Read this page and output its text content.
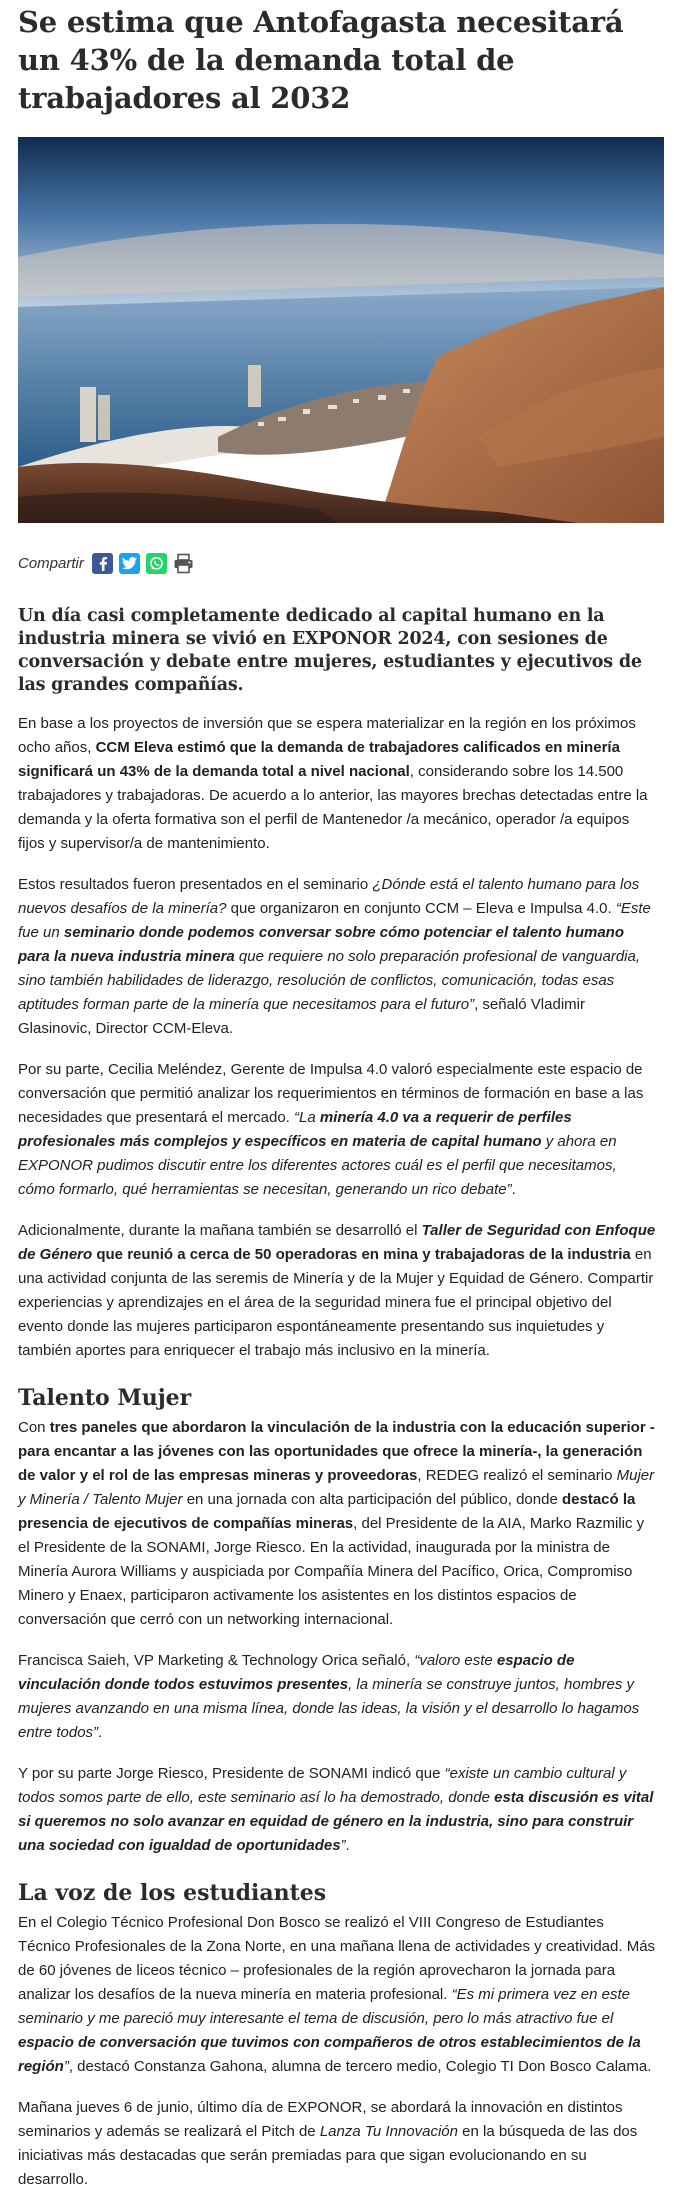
Se estima que Antofagasta necesitará un 43% de la demanda total de trabajadores al 2032
Compartir
Un día casi completamente dedicado al capital humano en la industria minera se vivió en EXPONOR 2024, con sesiones de conversación y debate entre mujeres, estudiantes y ejecutivos de las grandes compañías.

En base a los proyectos de inversión que se espera materializar en la región en los próximos ocho años, CCM Eleva estimó que la demanda de trabajadores calificados en minería significará un 43% de la demanda total a nivel nacional, considerando sobre los 14.500 trabajadores y trabajadoras. De acuerdo a lo anterior, las mayores brechas detectadas entre la demanda y la oferta formativa son el perfil de Mantenedor /a mecánico, operador /a equipos fijos y supervisor/a de mantenimiento.

Estos resultados fueron presentados en el seminario ¿Dónde está el talento humano para los nuevos desafíos de la minería? que organizaron en conjunto CCM – Eleva e Impulsa 4.0. “Este fue un seminario donde podemos conversar sobre cómo potenciar el talento humano para la nueva industria minera que requiere no solo preparación profesional de vanguardia, sino también habilidades de liderazgo, resolución de conflictos, comunicación, todas esas aptitudes forman parte de la minería que necesitamos para el futuro”, señaló Vladimir Glasinovic, Director CCM-Eleva.

Por su parte, Cecilia Meléndez, Gerente de Impulsa 4.0 valoró especialmente este espacio de conversación que permitió analizar los requerimientos en términos de formación en base a las necesidades que presentará el mercado. “La minería 4.0 va a requerir de perfiles profesionales más complejos y específicos en materia de capital humano y ahora en EXPONOR pudimos discutir entre los diferentes actores cuál es el perfil que necesitamos, cómo formarlo, qué herramientas se necesitan, generando un rico debate”.

Adicionalmente, durante la mañana también se desarrolló el Taller de Seguridad con Enfoque de Género que reunió a cerca de 50 operadoras en mina y trabajadoras de la industria en una actividad conjunta de las seremis de Minería y de la Mujer y Equidad de Género. Compartir experiencias y aprendizajes en el área de la seguridad minera fue el principal objetivo del evento donde las mujeres participaron espontáneamente presentando sus inquietudes y también aportes para enriquecer el trabajo más inclusivo en la minería.

Talento Mujer

Con tres paneles que abordaron la vinculación de la industria con la educación superior - para encantar a las jóvenes con las oportunidades que ofrece la minería-, la generación de valor y el rol de las empresas mineras y proveedoras, REDEG realizó el seminario Mujer y Minería / Talento Mujer en una jornada con alta participación del público, donde destacó la presencia de ejecutivos de compañías mineras, del Presidente de la AIA, Marko Razmilic y el Presidente de la SONAMI, Jorge Riesco. En la actividad, inaugurada por la ministra de Minería Aurora Williams y auspiciada por Compañía Minera del Pacífico, Orica, Compromiso Minero y Enaex, participaron activamente los asistentes en los distintos espacios de conversación que cerró con un networking internacional.

Francisca Saieh, VP Marketing & Technology Orica señaló, “valoro este espacio de vinculación donde todos estuvimos presentes, la minería se construye juntos, hombres y mujeres avanzando en una misma línea, donde las ideas, la visión y el desarrollo lo hagamos entre todos”.

Y por su parte Jorge Riesco, Presidente de SONAMI indicó que “existe un cambio cultural y todos somos parte de ello, este seminario así lo ha demostrado, donde esta discusión es vital si queremos no solo avanzar en equidad de género en la industria, sino para construir una sociedad con igualdad de oportunidades”.

La voz de los estudiantes

En el Colegio Técnico Profesional Don Bosco se realizó el VIII Congreso de Estudiantes Técnico Profesionales de la Zona Norte, en una mañana llena de actividades y creatividad. Más de 60 jóvenes de liceos técnico – profesionales de la región aprovecharon la jornada para analizar los desafíos de la nueva minería en materia profesional. “Es mi primera vez en este seminario y me pareció muy interesante el tema de discusión, pero lo más atractivo fue el espacio de conversación que tuvimos con compañeros de otros establecimientos de la región”, destacó Constanza Gahona, alumna de tercero medio, Colegio TI Don Bosco Calama.

Mañana jueves 6 de junio, último día de EXPONOR, se abordará la innovación en distintos seminarios y además se realizará el Pitch de Lanza Tu Innovación en la búsqueda de las dos iniciativas más destacadas que serán premiadas para que sigan evolucionando en su desarrollo.
